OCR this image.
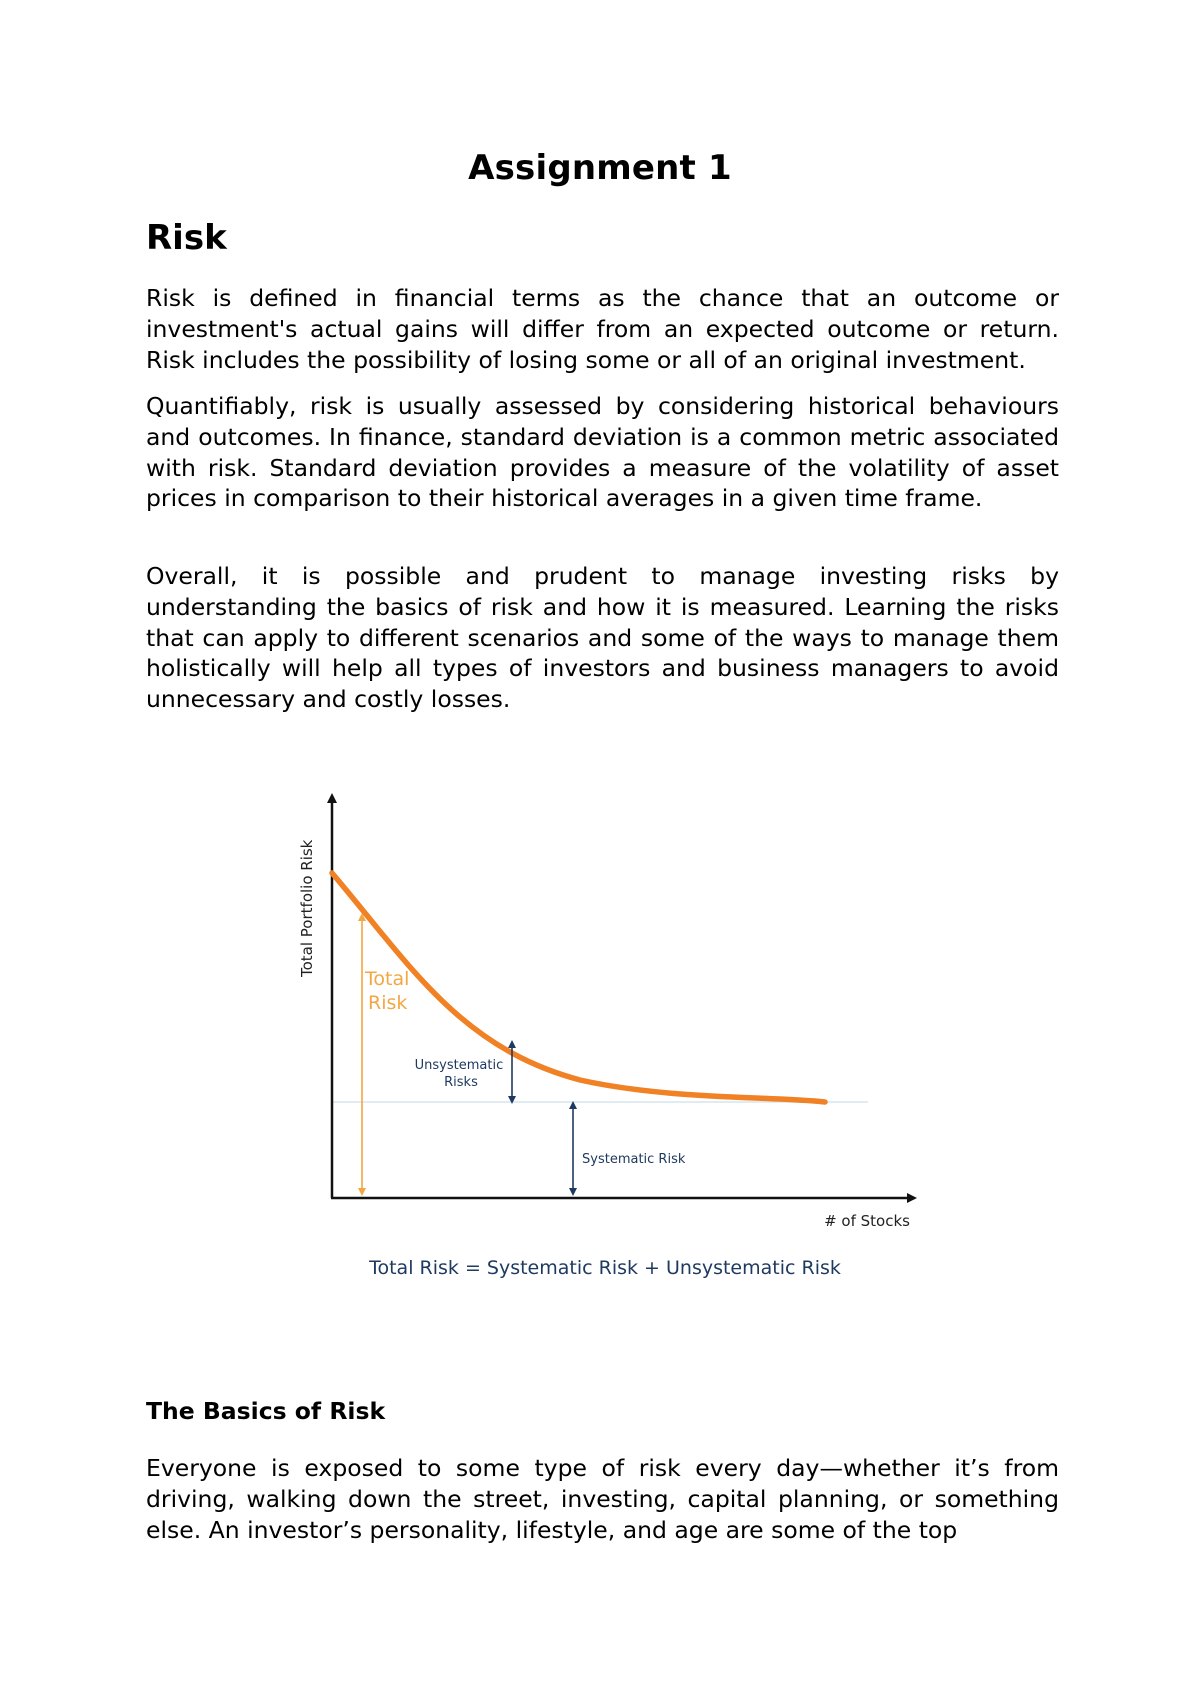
Assignment 1
Risk

Risk is defined in financial terms as the chance that an outcome or investment's actual gains will differ from an expected outcome or return. Risk includes the possibility of losing some or all of an original investment.

Quantifiably, risk is usually assessed by considering historical behaviours and outcomes. In finance, standard deviation is a common metric associated with risk. Standard deviation provides a measure of the volatility of asset prices in comparison to their historical averages in a given time frame.

Overall, it is possible and prudent to manage investing risks by understanding the basics of risk and how it is measured. Learning the risks that can apply to different scenarios and some of the ways to manage them holistically will help all types of investors and business managers to avoid unnecessary and costly losses.

Total Portfolio Risk
Total Risk
Unsystematic Risks
Systematic Risk
# of Stocks
Total Risk = Systematic Risk + Unsystematic Risk
The Basics of Risk

Everyone is exposed to some type of risk every day—whether it’s from driving, walking down the street, investing, capital planning, or something else. An investor’s personality, lifestyle, and age are some of the top
